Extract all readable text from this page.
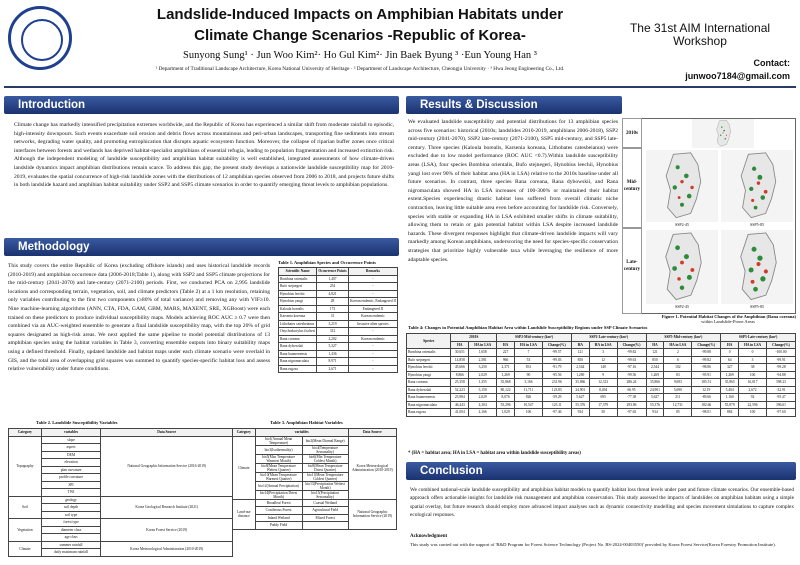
Landslide-Induced Impacts on Amphibian Habitats under
Climate Change Scenarios -Republic of Korea-
Sunyong Sung¹ · Jun Woo Kim²· Ho Gul Kim²· Jin Baek Byung ³ ·Eun Young Han ³
¹ Department of Traditional Landscape Architecture, Korea National University of Heritage · ² Department of Landscape Architecture, Cheongju University · ³ Hwa Jeong Engineering Co., Ltd.
The 31st AIM International
Workshop
Contact:
junwoo7184@gmail.com
Introduction
Climate change has markedly intensified precipitation extremes worldwide, and the Republic of Korea has experienced a similar shift from moderate rainfall to episodic, high-intensity downpours. Such events exacerbate soil erosion and debris flows across mountainous and peri-urban landscapes, transporting fine sediments into stream networks, degrading water quality, and promoting eutrophication that disrupts aquatic ecosystem function. Moreover, the collapse of riparian buffer zones once critical interfaces between forests and wetlands has deprived habitat-specialist amphibians of essential refugia, leading to population fragmentation and increased extinction risk. Although the independent modeling of landslide susceptibility and amphibian habitat suitability is well established, integrated assessments of how climate-driven landslide dynamics impact amphibian distributions remain scarce. To address this gap, the present study develops a nationwide landslide susceptibility map for 2010-2019, evaluates the spatial concurrence of high-risk landslide zones with the distributions of 12 amphibian species observed from 2006 to 2018, and projects future shifts in both landslide hazard and amphibian habitat suitability under SSP2 and SSP5 climate scenarios in order to quantify emerging threat levels to amphibian populations.
Methodology
This study covers the entire Republic of Korea (excluding offshore islands) and uses historical landslide records (2010-2019) and amphibian occurrence data (2006-2018;Table 1), along with SSP2 and SSP5 climate projections for the mid-century (2041-2070) and late-century (2071-2100) periods. First, we conducted PCA on 2,995 landslide locations and corresponding terrain, vegetation, soil, and climate predictors (Table 2) at a 1 km resolution, retaining only variables contributing to the first two components (≥80% of total variance) and removing any with VIF≥10. Nine machine-learning algorithms (ANN, CTA, FDA, GAM, GBM, MARS, MAXENT, SRE, XGBoost) were each trained on these predictors to produce individual susceptibility maps. Models achieving ROC AUC ≥ 0.7 were then combined via an AUC-weighted ensemble to generate a final landslide susceptibility map, with the top 20% of grid squares designated as high-risk areas. We next applied the same pipeline to model potential distributions of 13 amphibian species using the habitat variables in Table 3, converting ensemble outputs into binary suitability maps using a defined threshold. Finally, updated landslide and habitat maps under each climate scenario were overlaid in GIS, and the total area of overlapping grid squares was summed to quantify species-specific habitat loss and assess relative vulnerability under future conditions.
Table 1. Amphibian Species and Occurrence Points
Scientific Name	Occurrence Points	Remarks
Bombina orientalis	1,407	-
Bufo stejnegeri	254	-
Hynobius leechii	4,821	-
Hynobius yangi	28	Korean endemic, Endangered II
Kaloula borealis	173	Endangered II
Karsenia koreana	31	Korean endemic
Lithobates catesbeianus	3,219	Invasive alien species
Onychodactylus fischeri	312	-
Rana coreana	2,202	Korean endemic
Rana dybowskii	5,327	-
Rana huanrenensis	1,436	-
Rana nigromaculata	8,971	-
Rana rugosa	2,671	-
Table 2. Landslide Susceptibility Variables
Category	variables	Data Source
Topography	slope	National Geographic Information Service (2016-2019)
	aspect	
	DEM	
	elevation	
	plan curvature	
	profile curvature	
	SPI	
	TWI	
Soil	geology	Korea Geological Research Institute (2021)
	soil depth	
	soil type	
Vegetation	forest type	Korea Forest Service (2019)
	diameter class	
	age class	
Climate	summer rainfall	Korea Meteorological Administration (2010-2019)
	daily maximum rainfall	
Table 3. Amphibian Habitat Variables
Category	variables		Data Source
Climate	bio1(Annual Mean Temperature)	bio2(Mean Diurnal Range)	Korea Meteorological Administration (2010-2019)
	bio3(Isothermality)	bio4(Temperature Seasonality)	
	bio5(Max Temperature Warmest Month)	bio6(Min Temperature Coldest Month)	
	bio8(Mean Temperature Wettest Quarter)	bio9(Mean Temperature Driest Quarter)	
	bio10(Mean Temperature Warmest Quarter)	bio11(Mean Temperature Coldest Quarter)	
	bio12(Annual Precipitation)	bio13(Precipitation Wettest Month)	
	bio14(Precipitation Driest Month)	bio15(Precipitation Seasonality)	
Land-use distance	Broadleaf Forest	Coastal Wetland	National Geographic Information Service (2019)
	Coniferous Forest	Agricultural Field	
	Inland Wetland	Mixed Forest	
	Paddy Field		
Results & Discussion
We evaluated landslide susceptibility and potential distributions for 13 amphibian species across five scenarios: historical (2010s; landslides 2010-2019, amphibians 2006-2018), SSP2 mid-century (2041-2070), SSP2 late-century (2071-2100), SSP5 mid-century, and SSP5 late-century. Three species (Kaloula borealis, Karsenia koreana, Lithobates catesbeianus) were excluded due to low model performance (ROC AUC <0.7).Within landslide susceptibility areas (LSA), four species Bombina orientalis, Bufo stejnegeri, Hynobius leechii, Hynobius yangi lost over 90% of their habitat area (HA in LSA) relative to the 2010s baseline under all future scenarios. In contrast, three species Rana coreana, Rana dybowskii, and Rana nigromaculata showed HA in LSA increases of 100-300% or maintained their habitat extent.Species experiencing drastic habitat loss suffered from overall climatic niche contraction, leaving little suitable area even before accounting for landslide risk. Conversely, species with stable or expanding HA in LSA exhibited smaller shifts in climate suitability, allowing them to retain or gain potential habitat within LSA despite increased landslide hazards. These divergent responses highlight that climate-driven landslide impacts will vary markedly among Korean amphibians, underscoring the need for species-specific conservation strategies that prioritize highly vulnerable taxa while leveraging the resilience of more adaptable species.
2010s
Mid-century
Late-century
SSP2-45	SSP5-85
SSP2-45	SSP5-85
Figure 1. Potential Habitat Changes of the Amphibian (Rana coreana)
within Landslide-Prone Areas
Table 4: Changes in Potential Amphibian Habitat Area within Landslide Susceptibility Regions under SSP Climate Scenarios
Species	2010S		SSP2-Mid-century (km²)			SSP2-Late-century (km²)			SSP5-Mid-century (km²)			SSP5-Late-century (km²)		
	HA	HA in LSA	HA	HA in LSA	Change(%)	HA	HA in LSA	Change(%)	HA	HA in LSA	Change(%)	HA	HA in LSA	Change(%)
Bombina orientalis	30,651	1,658	227	7	-99.57	121	3	-99.82	121	2	-99.88	0	0	-100.00
Bufo stejnegeri	14,858	2,581	966	53	-99.03	850	12	-99.63	850	6	-99.82	64	3	-99.91
Hynobius leechii	45,666	3,250	2,371	831	-91.79	2,544	140	-97.16	2,544	102	-98.86	327	38	-99.28
Hynobius yangi	8,866	2,029	1,269	90	-95.56	1,269	9	-99.56	1,269	83	-95.91	1,269	106	-94.88
Rana coreana	25,358	1,355	35,868	3,166	231.96	35,866	12,313	286.24	35,866	9,693	185.51	35,865	16,017	398.23
Rana dybowskii	52,223	3,150	80,122	11,711	123.85	24,901	8,494	66.95	24,901	5,690	12.19	5,404	2,672	-32.91
Rana huanrenensis	23,984	2,029	8,076	826	-59.29	5,627	695	-77.38	5,627	211	-89.66	1,160	92	-95.47
Rana nigromaculata	46,443	4,304	55,296	10,547	125.11	55,376	17,379	293.86	55,376	12,731	182.66	55,879	22,596	396.61
Rana rugosa	41,004	4,166	1,029	106	-97.46	934	50	-97.65	934	85	-98.01	884	100	-97.60
* (HA = habitat area; HA in LSA = habitat area within landslide susceptibility areas)
Conclusion
We combined national-scale landslide susceptibility and amphibian habitat models to quantify habitat loss threat levels under past and future climate scenarios. Our ensemble-based approach offers actionable insights for landslide risk management and amphibian conservation. This study assessed the impacts of landslides on amphibian habitats using a simple spatial overlay, but future research should employ more advanced impact analyses such as dynamic connectivity modelling and species movement simulations to capture complex ecological responses.
Acknowledgment
This study was carried out with the support of 'R&D Program for Forest Science Technology (Project No. RS-2024-00403550)' provided by Korea Forest Service(Korea Forestry Promotion Institute).
